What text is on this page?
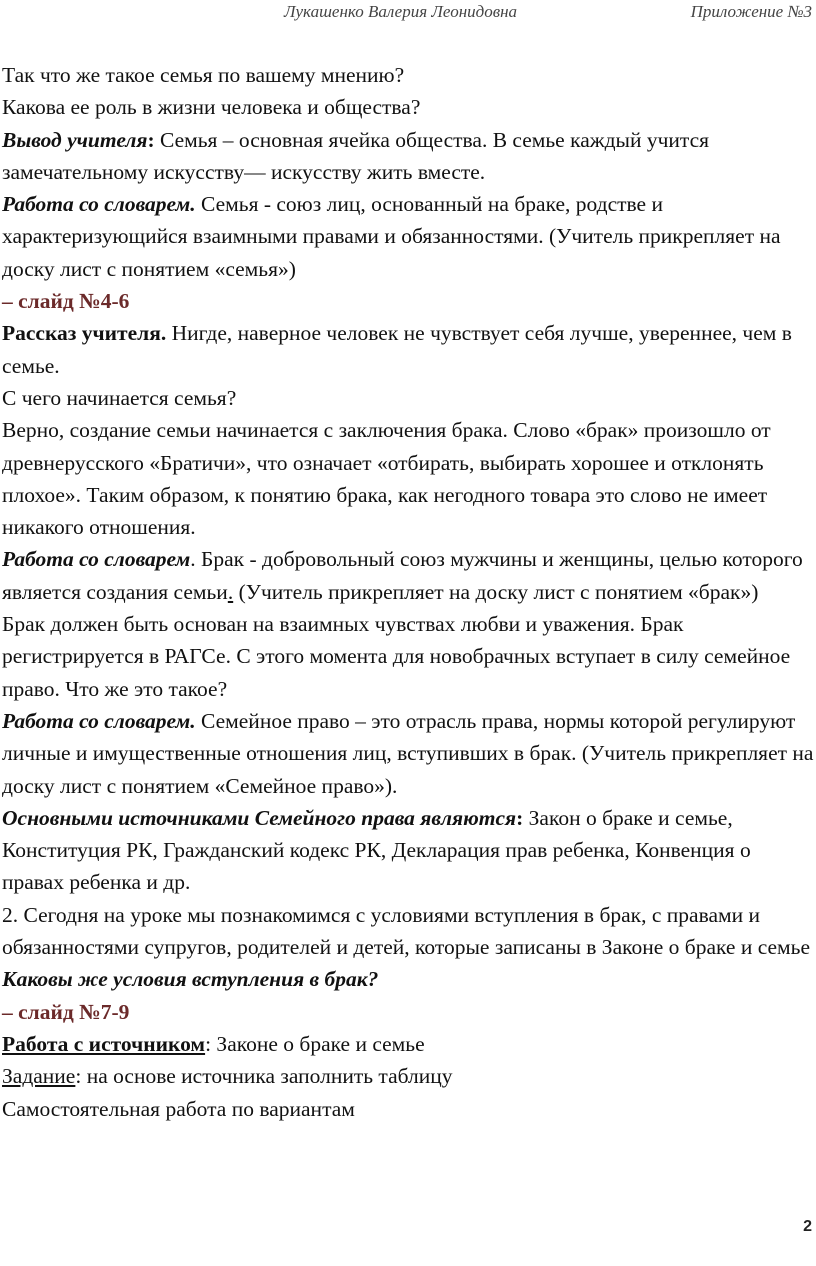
Лукашенко Валерия Леонидовна	Приложение №3

Так что же такое семья по вашему мнению?

Какова ее роль в жизни человека и общества?

Вывод учителя: Семья – основная ячейка общества. В семье каждый учится замечательному искусству— искусству жить вместе.

Работа со словарем. Семья - союз лиц, основанный на браке, родстве и характеризующийся взаимными правами и обязанностями. (Учитель прикрепляет на доску лист с понятием «семья»)

– слайд №4-6

Рассказ учителя. Нигде, наверное человек не чувствует себя лучше, увереннее, чем в семье.

С чего начинается семья?

Верно, создание семьи начинается с заключения брака. Слово «брак» произошло от древнерусского «Братичи», что означает «отбирать, выбирать хорошее и отклонять плохое». Таким образом, к понятию брака, как негодного товара это слово не имеет никакого отношения.

Работа со словарем. Брак - добровольный союз мужчины и женщины, целью которого является создания семьи. (Учитель прикрепляет на доску лист с понятием «брак»)

Брак должен быть основан на взаимных чувствах любви и уважения. Брак регистрируется в РАГСе. С этого момента для новобрачных вступает в силу семейное право. Что же это такое?

Работа со словарем. Семейное право – это отрасль права, нормы которой регулируют личные и имущественные отношения лиц, вступивших в брак. (Учитель прикрепляет на доску лист с понятием «Семейное право»).

Основными источниками Семейного права являются: Закон о браке и семье, Конституция РК, Гражданский кодекс РК, Декларация прав ребенка, Конвенция о правах ребенка и др.

2. Сегодня на уроке мы познакомимся с условиями вступления в брак, с правами и обязанностями супругов, родителей и детей, которые записаны в Законе о браке и семье

Каковы же условия вступления в брак?

– слайд №7-9

Работа с источником: Законе о браке и семье

Задание: на основе источника заполнить таблицу

Самостоятельная работа по вариантам

2
